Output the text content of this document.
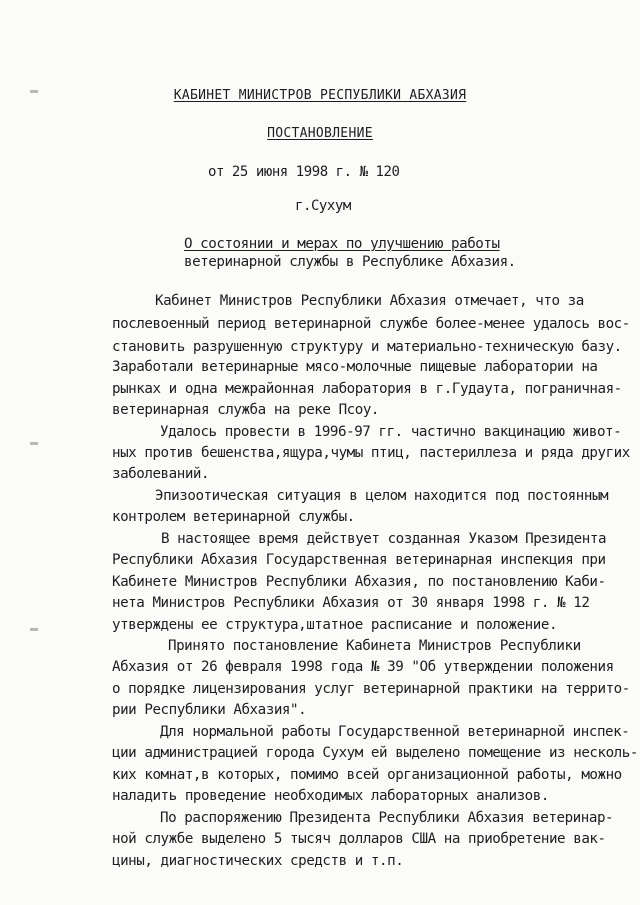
КАБИНЕТ МИНИСТРОВ РЕСПУБЛИКИ АБХАЗИЯ
ПОСТАНОВЛЕНИЕ
от 25 июня 1998 г. № 120
г.Сухум
О состоянии и мерах по улучшению работы
ветеринарной службы в Республике Абхазия.
Кабинет Министров Республики Абхазия отмечает, что за
послевоенный период ветеринарной службе более-менее удалось вос-
становить разрушенную структуру и материально-техническую базу.
Заработали ветеринарные мясо-молочные пищевые лаборатории на
рынках и одна межрайонная лаборатория в г.Гудаута, пограничная-
ветеринарная служба на реке Псоу.
Удалось провести в 1996-97 гг. частично вакцинацию живот-
ных против бешенства,ящура,чумы птиц, пастериллеза и ряда других
заболеваний.
Эпизоотическая ситуация в целом находится под постоянным
контролем ветеринарной службы.
В настоящее время действует созданная Указом Президента
Республики Абхазия Государственная ветеринарная инспекция при
Кабинете Министров Республики Абхазия, по постановлению Каби-
нета Министров Республики Абхазия от 30 января 1998 г. № 12
утверждены ее структура,штатное расписание и положение.
Принято постановление Кабинета Министров Республики
Абхазия от 26 февраля 1998 года № 39 "Об утверждении положения
о порядке лицензирования услуг ветеринарной практики на террито-
рии Республики Абхазия".
Для нормальной работы Государственной ветеринарной инспек-
ции администрацией города Сухум ей выделено помещение из несколь-
ких комнат,в которых, помимо всей организационной работы, можно
наладить проведение необходимых лабораторных анализов.
По распоряжению Президента Республики Абхазия ветеринар-
ной службе выделено 5 тысяч долларов США на приобретение вак-
цины, диагностических средств и т.п.
